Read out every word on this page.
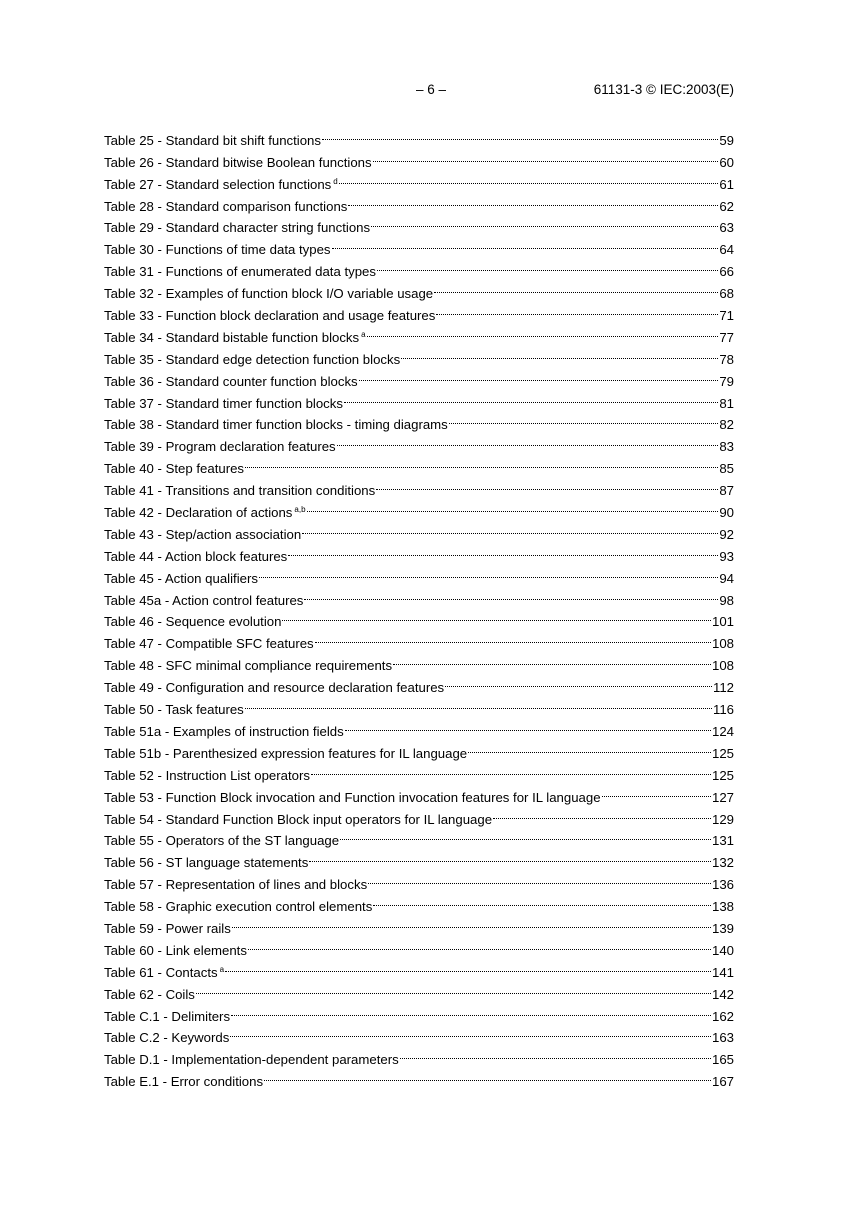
– 6 –	61131-3 © IEC:2003(E)
Table 25 - Standard bit shift functions	59
Table 26 - Standard bitwise Boolean functions	60
Table 27 - Standard selection functions $^d$	61
Table 28 - Standard comparison functions	62
Table 29 - Standard character string functions	63
Table 30 - Functions of time data types	64
Table 31 - Functions of enumerated data types	66
Table 32 - Examples of function block I/O variable usage	68
Table 33 - Function block declaration and usage features	71
Table 34 - Standard bistable function blocks $^a$	77
Table 35 - Standard edge detection function blocks	78
Table 36 - Standard counter function blocks	79
Table 37 - Standard timer function blocks	81
Table 38 - Standard timer function blocks - timing diagrams	82
Table 39 - Program declaration features	83
Table 40 - Step features	85
Table 41 - Transitions and transition conditions	87
Table 42 - Declaration of actions $^{a,b}$	90
Table 43 - Step/action association	92
Table 44 - Action block features	93
Table 45 - Action qualifiers	94
Table 45a - Action control features	98
Table 46 - Sequence evolution	101
Table 47 - Compatible SFC features	108
Table 48 - SFC minimal compliance requirements	108
Table 49 - Configuration and resource declaration features	112
Table 50 - Task features	116
Table 51a - Examples of instruction fields	124
Table 51b - Parenthesized expression features for IL language	125
Table 52 - Instruction List operators	125
Table 53 - Function Block invocation and Function invocation features for IL language	127
Table 54 - Standard Function Block input operators for IL language	129
Table 55 - Operators of the ST language	131
Table 56 - ST language statements	132
Table 57 - Representation of lines and blocks	136
Table 58 - Graphic execution control elements	138
Table 59 - Power rails	139
Table 60 - Link elements	140
Table 61 - Contacts $^a$	141
Table 62 - Coils	142
Table C.1 - Delimiters	162
Table C.2 - Keywords	163
Table D.1 - Implementation-dependent parameters	165
Table E.1 - Error conditions	167
